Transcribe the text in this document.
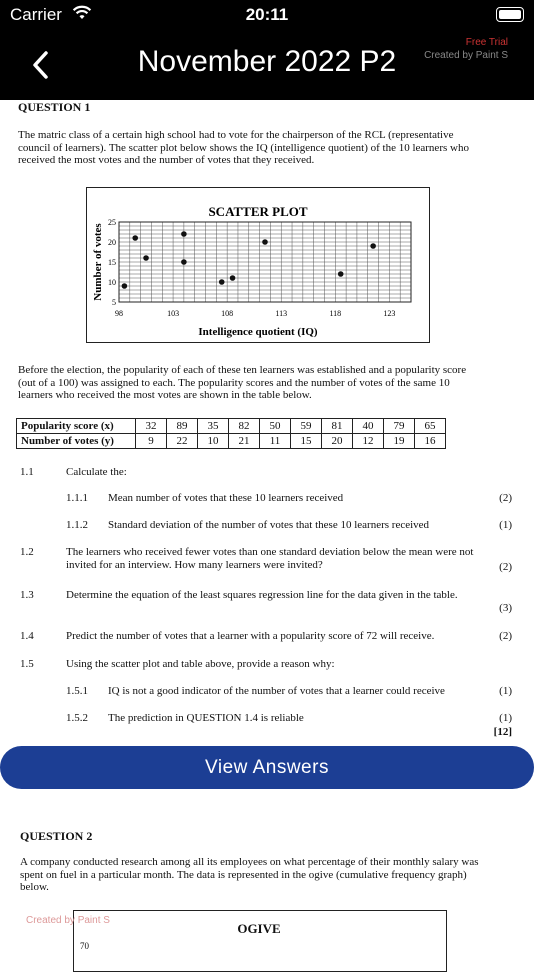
Carrier	20:11
November 2022 P2
Free Trial
Created by Paint S
QUESTION 1
The matric class of a certain high school had to vote for the chairperson of the RCL (representative council of learners). The scatter plot below shows the IQ (intelligence quotient) of the 10 learners who received the most votes and the number of votes that they received.
SCATTER PLOT
Intelligence quotient (IQ)
Number of votes
98	103	108	113	118	123
5
10
15
20
25
Before the election, the popularity of each of these ten learners was established and a popularity score (out of a 100) was assigned to each. The popularity scores and the number of votes of the same 10 learners who received the most votes are shown in the table below.
Popularity score (x)	32	89	35	82	50	59	81	40	79	65
Number of votes (y)	9	22	10	21	11	15	20	12	19	16
1.1	Calculate the:
1.1.1 Mean number of votes that these 10 learners received	(2)
1.1.2 Standard deviation of the number of votes that these 10 learners received	(1)
1.2	The learners who received fewer votes than one standard deviation below the mean were not invited for an interview. How many learners were invited?	(2)
1.3	Determine the equation of the least squares regression line for the data given in the table.
(3)
1.4	Predict the number of votes that a learner with a popularity score of 72 will receive.	(2)
1.5	Using the scatter plot and table above, provide a reason why:
1.5.1 IQ is not a good indicator of the number of votes that a learner could receive	(1)
1.5.2 The prediction in QUESTION 1.4 is reliable	(1)
[12]
View Answers
QUESTION 2
A company conducted research among all its employees on what percentage of their monthly salary was spent on fuel in a particular month. The data is represented in the ogive (cumulative frequency graph) below.
OGIVE
70
Created by Paint S
